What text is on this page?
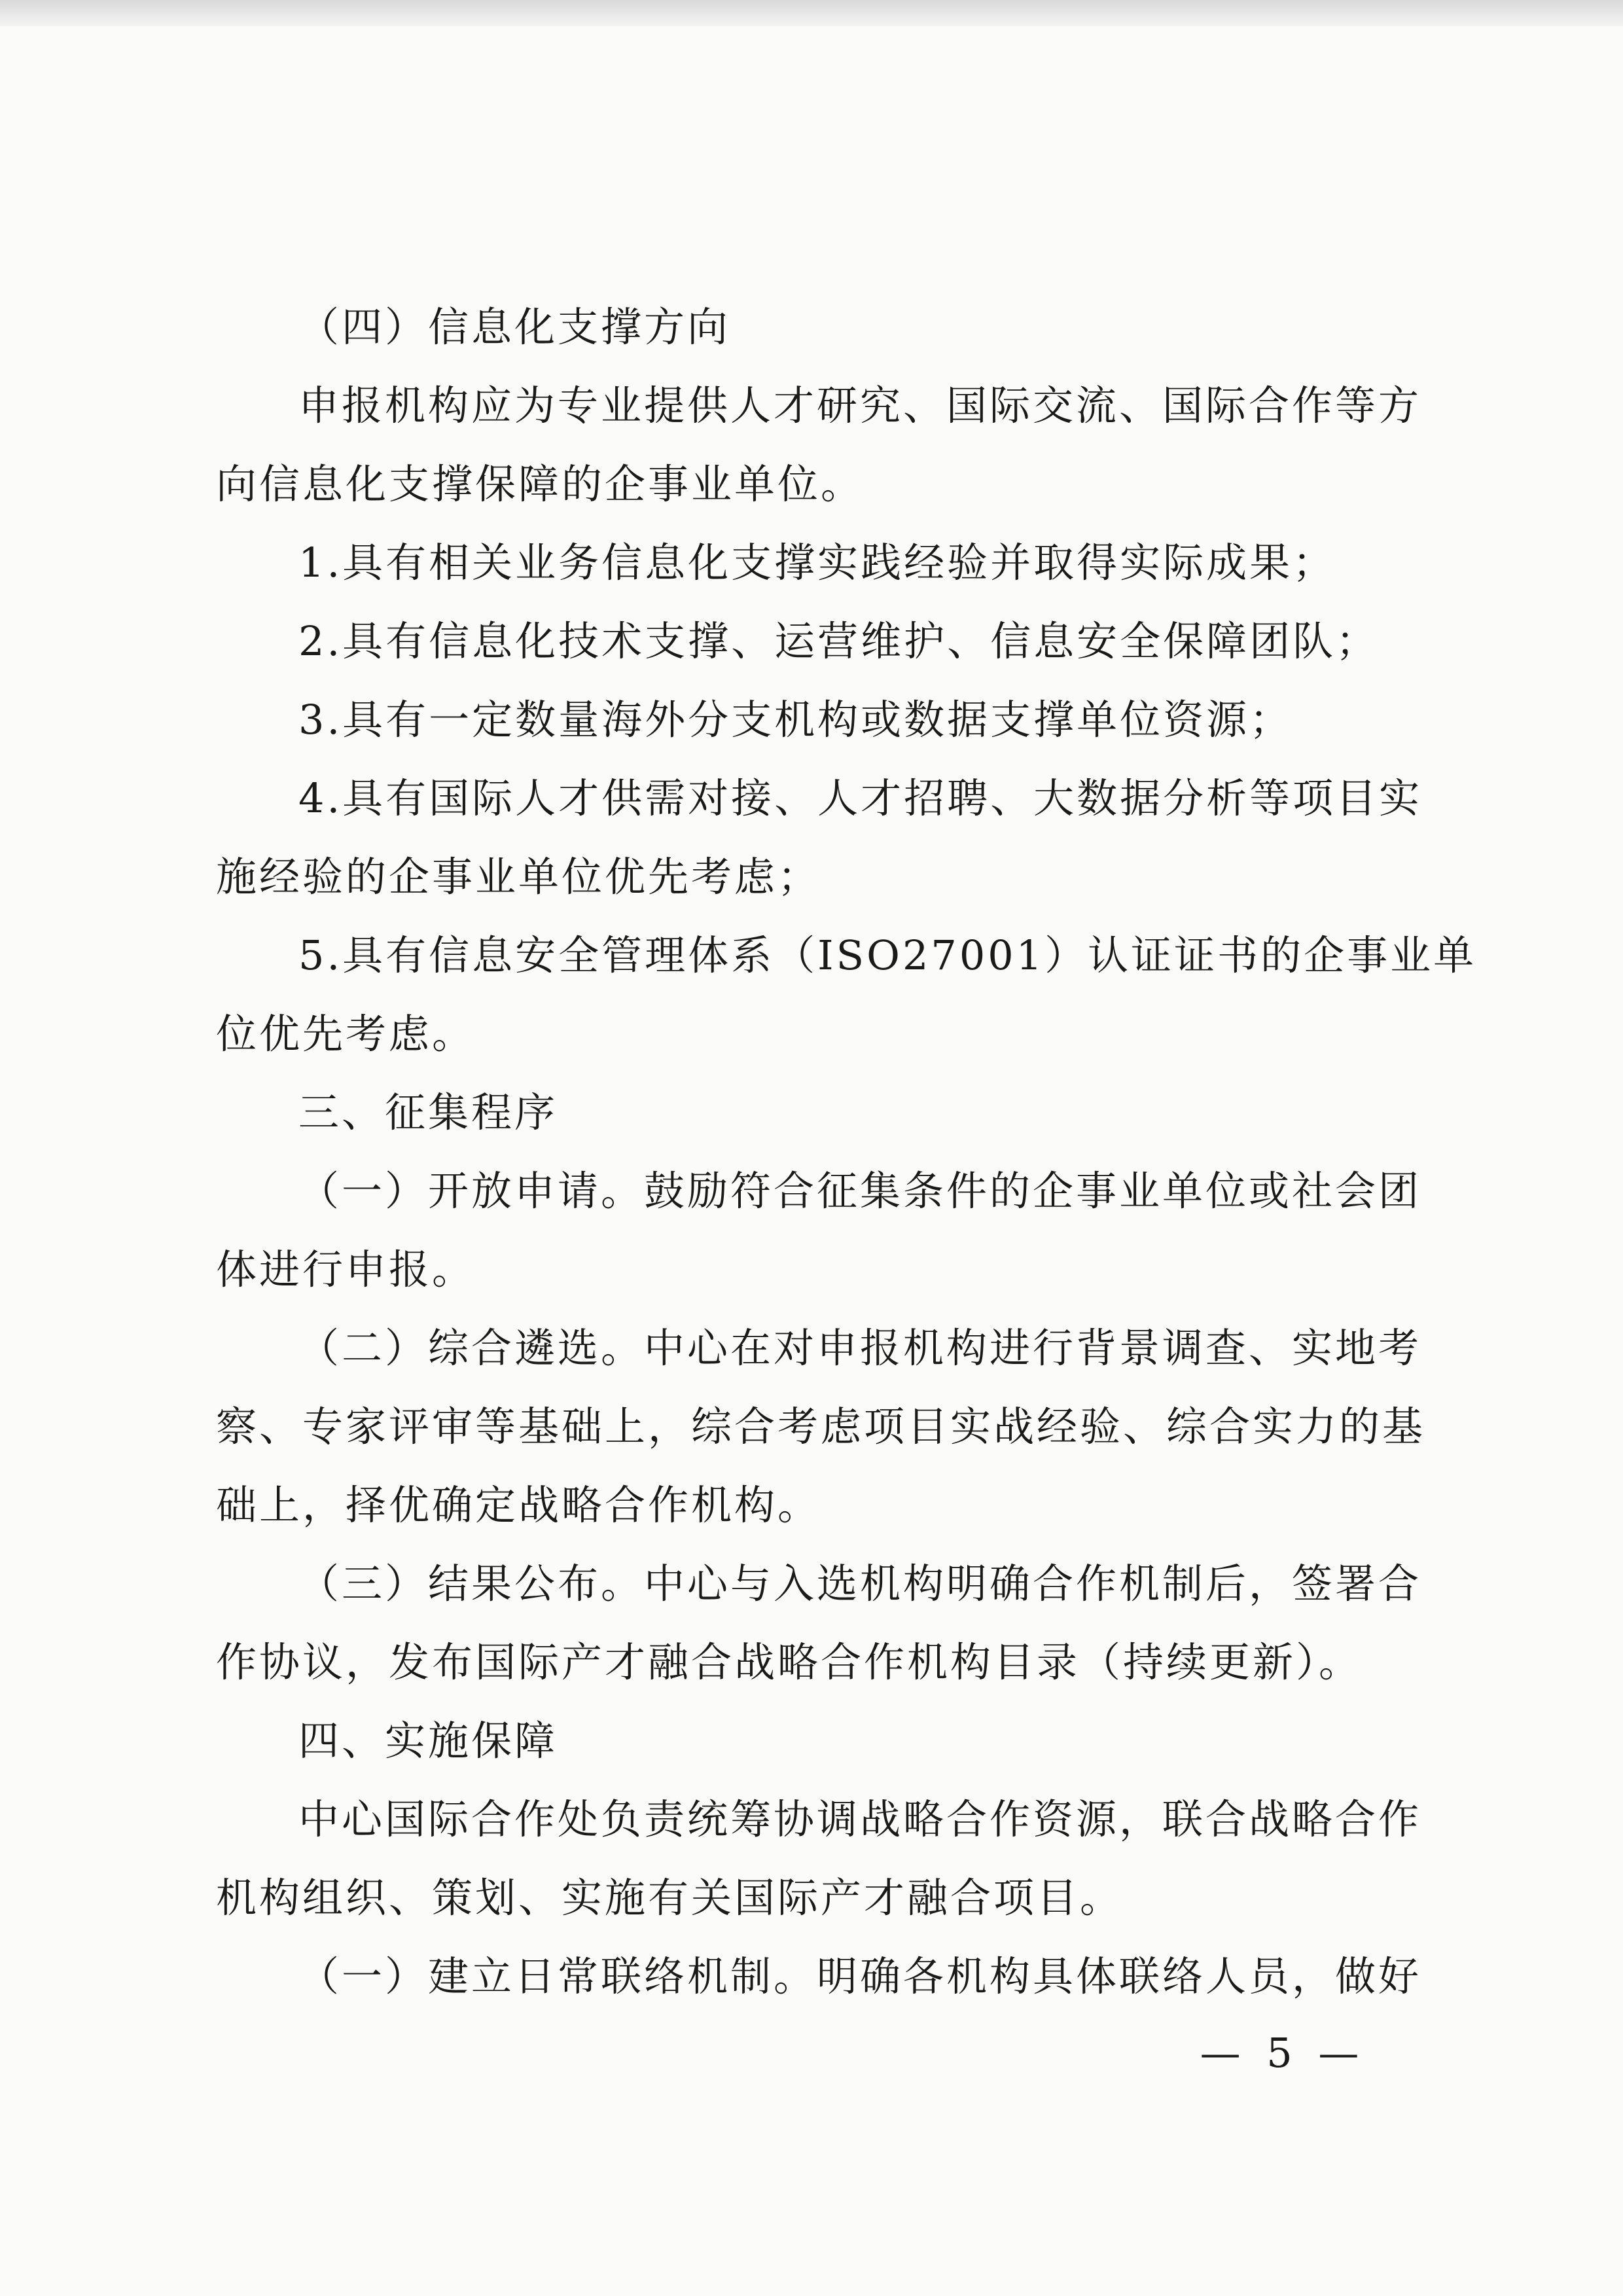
（四）信息化支撑方向
申报机构应为专业提供人才研究、国际交流、国际合作等方
向信息化支撑保障的企事业单位。
1.具有相关业务信息化支撑实践经验并取得实际成果；
2.具有信息化技术支撑、运营维护、信息安全保障团队；
3.具有一定数量海外分支机构或数据支撑单位资源；
4.具有国际人才供需对接、人才招聘、大数据分析等项目实
施经验的企事业单位优先考虑；
5.具有信息安全管理体系（ISO27001）认证证书的企事业单
位优先考虑。
三、征集程序
（一）开放申请。鼓励符合征集条件的企事业单位或社会团
体进行申报。
（二）综合遴选。中心在对申报机构进行背景调查、实地考
察、专家评审等基础上，综合考虑项目实战经验、综合实力的基
础上，择优确定战略合作机构。
（三）结果公布。中心与入选机构明确合作机制后，签署合
作协议，发布国际产才融合战略合作机构目录（持续更新）。
四、实施保障
中心国际合作处负责统筹协调战略合作资源，联合战略合作
机构组织、策划、实施有关国际产才融合项目。
（一）建立日常联络机制。明确各机构具体联络人员，做好
— 5 —
